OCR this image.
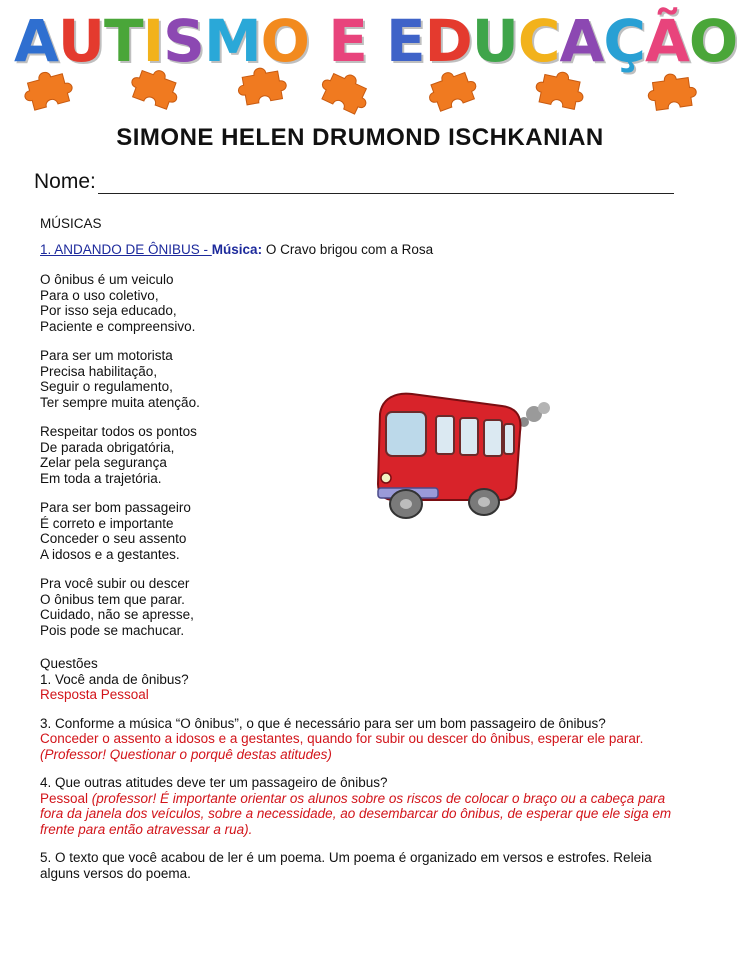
AUTISMO E EDUCAÇÃO
SIMONE HELEN DRUMOND ISCHKANIAN
Nome:

MÚSICAS

1. ANDANDO DE ÔNIBUS - Música: O Cravo brigou com a Rosa

O ônibus é um veiculo
Para o uso coletivo,
Por isso seja educado,
Paciente e compreensivo.
Para ser um motorista
Precisa habilitação,
Seguir o regulamento,
Ter sempre muita atenção.
Respeitar todos os pontos
De parada obrigatória,
Zelar pela segurança
Em toda a trajetória.
Para ser bom passageiro
É correto e importante
Conceder o seu assento
A idosos e a gestantes.
Pra você subir ou descer
O ônibus tem que parar.
Cuidado, não se apresse,
Pois pode se machucar.

Questões

1. Você anda de ônibus?

Resposta Pessoal

3. Conforme a música “O ônibus”, o que é necessário para ser um bom passageiro de ônibus?

Conceder o assento a idosos e a gestantes, quando for subir ou descer do ônibus, esperar ele parar. (Professor! Questionar o porquê destas atitudes)

4. Que outras atitudes deve ter um passageiro de ônibus?

Pessoal (professor! É importante orientar os alunos sobre os riscos de colocar o braço ou a cabeça para fora da janela dos veículos, sobre a necessidade, ao desembarcar do ônibus, de esperar que ele siga em frente para então atravessar a rua).

5. O texto que você acabou de ler é um poema. Um poema é organizado em versos e estrofes. Releia alguns versos do poema.
